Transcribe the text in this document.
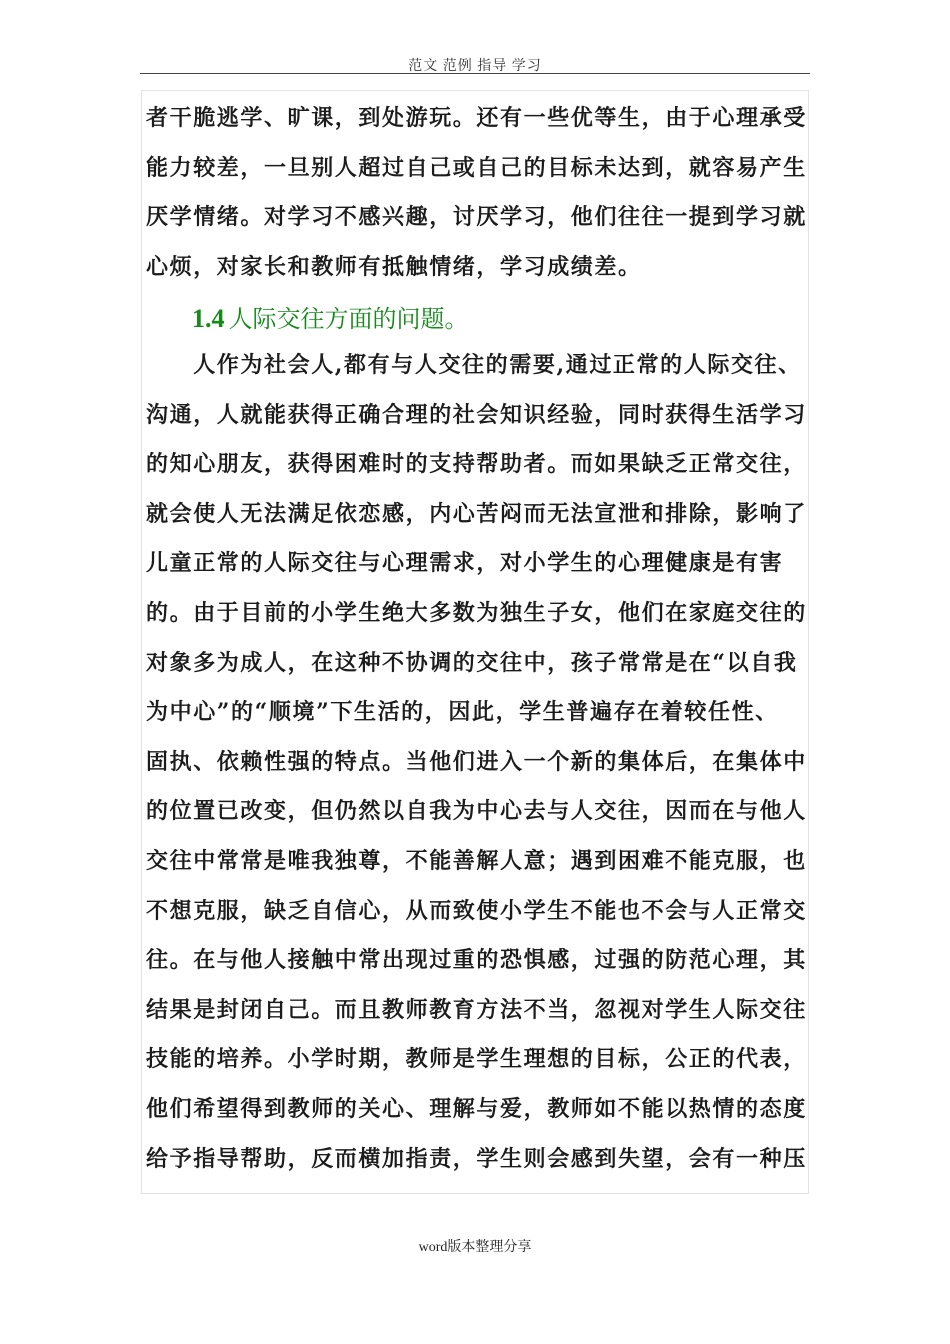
范文 范例 指导 学习
者干脆逃学、旷课，到处游玩。还有一些优等生，由于心理承受
能力较差，一旦别人超过自己或自己的目标未达到，就容易产生
厌学情绪。对学习不感兴趣，讨厌学习，他们往往一提到学习就
心烦，对家长和教师有抵触情绪，学习成绩差。
1.4 人际交往方面的问题。
　　人作为社会人,都有与人交往的需要,通过正常的人际交往、
沟通，人就能获得正确合理的社会知识经验，同时获得生活学习
的知心朋友，获得困难时的支持帮助者。而如果缺乏正常交往，
就会使人无法满足依恋感，内心苦闷而无法宣泄和排除，影响了
儿童正常的人际交往与心理需求，对小学生的心理健康是有害
的。由于目前的小学生绝大多数为独生子女，他们在家庭交往的
对象多为成人，在这种不协调的交往中，孩子常常是在“以自我
为中心”的“顺境”下生活的，因此，学生普遍存在着较任性、
固执、依赖性强的特点。当他们进入一个新的集体后，在集体中
的位置已改变，但仍然以自我为中心去与人交往，因而在与他人
交往中常常是唯我独尊，不能善解人意；遇到困难不能克服，也
不想克服，缺乏自信心，从而致使小学生不能也不会与人正常交
往。在与他人接触中常出现过重的恐惧感，过强的防范心理，其
结果是封闭自己。而且教师教育方法不当，忽视对学生人际交往
技能的培养。小学时期，教师是学生理想的目标，公正的代表，
他们希望得到教师的关心、理解与爱，教师如不能以热情的态度
给予指导帮助，反而横加指责，学生则会感到失望，会有一种压
word版本整理分享
